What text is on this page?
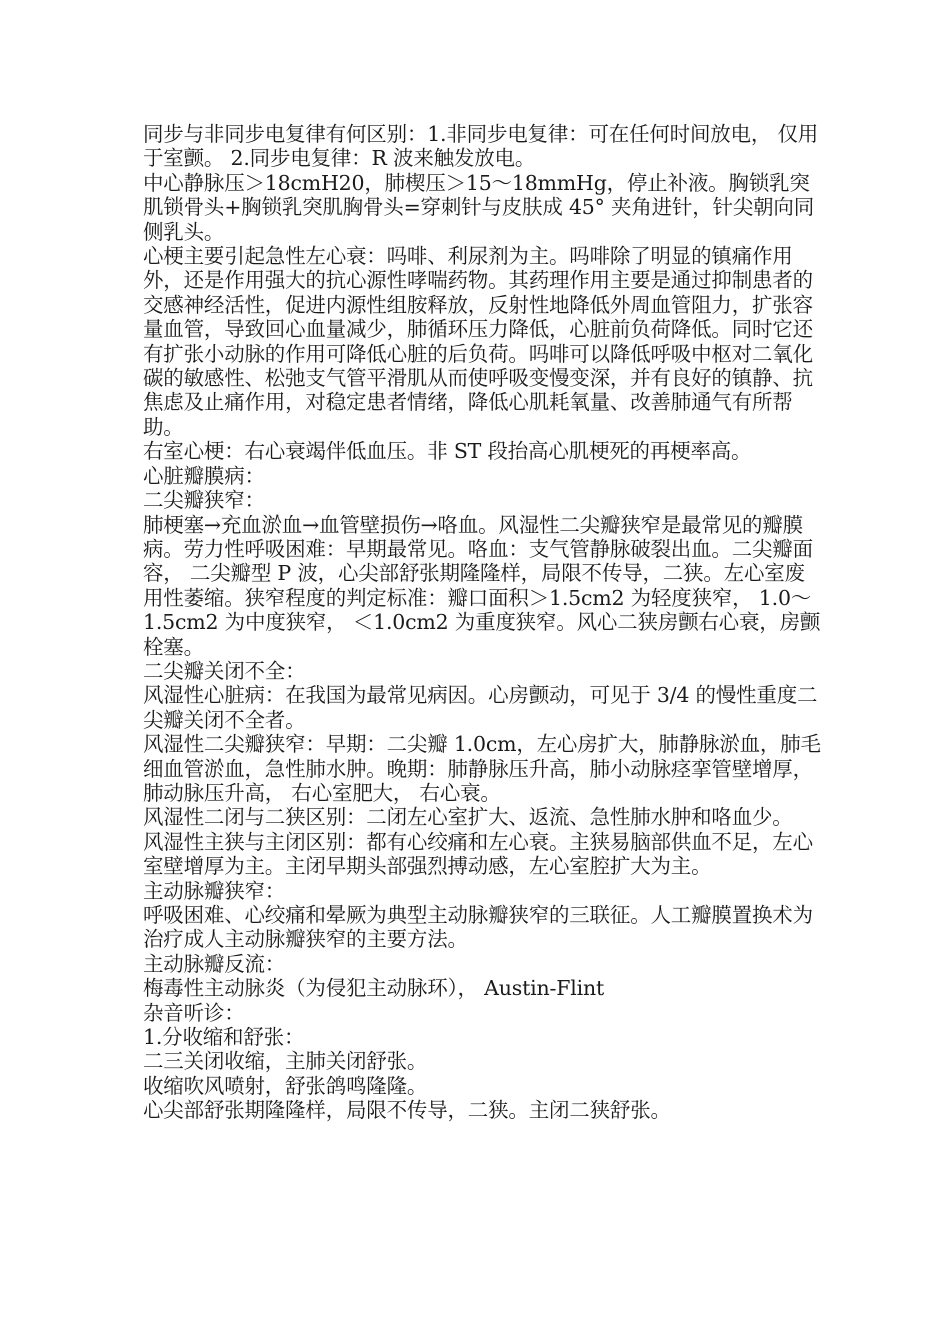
同步与非同步电复律有何区别：1.非同步电复律：可在任何时间放电， 仅用于室颤。 2.同步电复律：R 波来触发放电。

中心静脉压＞18cmH20，肺楔压＞15～18mmHg，停止补液。胸锁乳突肌锁骨头+胸锁乳突肌胸骨头=穿刺针与皮肤成 45° 夹角进针，针尖朝向同侧乳头。

心梗主要引起急性左心衰：吗啡、利尿剂为主。吗啡除了明显的镇痛作用外，还是作用强大的抗心源性哮喘药物。其药理作用主要是通过抑制患者的交感神经活性，促进内源性组胺释放，反射性地降低外周血管阻力，扩张容量血管，导致回心血量减少，肺循环压力降低，心脏前负荷降低。同时它还有扩张小动脉的作用可降低心脏的后负荷。吗啡可以降低呼吸中枢对二氧化碳的敏感性、松弛支气管平滑肌从而使呼吸变慢变深，并有良好的镇静、抗焦虑及止痛作用，对稳定患者情绪，降低心肌耗氧量、改善肺通气有所帮助。

右室心梗：右心衰竭伴低血压。非 ST 段抬高心肌梗死的再梗率高。

心脏瓣膜病：

二尖瓣狭窄：

肺梗塞→充血淤血→血管壁损伤→咯血。风湿性二尖瓣狭窄是最常见的瓣膜病。劳力性呼吸困难：早期最常见。咯血：支气管静脉破裂出血。二尖瓣面容， 二尖瓣型 P 波，心尖部舒张期隆隆样，局限不传导，二狭。左心室废用性萎缩。狭窄程度的判定标准：瓣口面积＞1.5cm2 为轻度狭窄， 1.0～1.5cm2 为中度狭窄， ＜1.0cm2 为重度狭窄。风心二狭房颤右心衰，房颤栓塞。

二尖瓣关闭不全：

风湿性心脏病：在我国为最常见病因。心房颤动，可见于 3/4 的慢性重度二尖瓣关闭不全者。

风湿性二尖瓣狭窄：早期：二尖瓣 1.0cm，左心房扩大，肺静脉淤血，肺毛细血管淤血，急性肺水肿。晚期：肺静脉压升高，肺小动脉痉挛管壁增厚， 肺动脉压升高， 右心室肥大， 右心衰。

风湿性二闭与二狭区别：二闭左心室扩大、返流、急性肺水肿和咯血少。

风湿性主狭与主闭区别：都有心绞痛和左心衰。主狭易脑部供血不足，左心室壁增厚为主。主闭早期头部强烈搏动感，左心室腔扩大为主。

主动脉瓣狭窄：

呼吸困难、心绞痛和晕厥为典型主动脉瓣狭窄的三联征。人工瓣膜置换术为治疗成人主动脉瓣狭窄的主要方法。

主动脉瓣反流：

梅毒性主动脉炎（为侵犯主动脉环）， Austin-Flint

杂音听诊：

1.分收缩和舒张：

二三关闭收缩，主肺关闭舒张。

收缩吹风喷射，舒张鸽鸣隆隆。

心尖部舒张期隆隆样，局限不传导，二狭。主闭二狭舒张。
